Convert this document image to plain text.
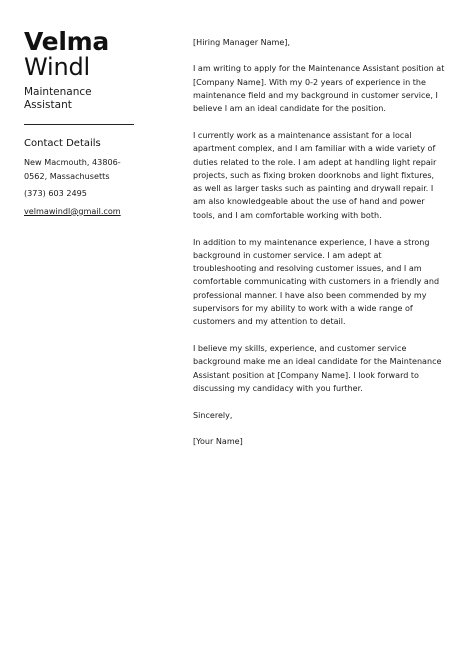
Velma
Windl
Maintenance
Assistant
Contact Details
New Macmouth, 43806-
0562, Massachusetts
(373) 603 2495
velmawindl@gmail.com

[Hiring Manager Name],

I am writing to apply for the Maintenance Assistant position at [Company Name]. With my 0-2 years of experience in the maintenance field and my background in customer service, I believe I am an ideal candidate for the position.

I currently work as a maintenance assistant for a local apartment complex, and I am familiar with a wide variety of duties related to the role. I am adept at handling light repair projects, such as fixing broken doorknobs and light fixtures, as well as larger tasks such as painting and drywall repair. I am also knowledgeable about the use of hand and power tools, and I am comfortable working with both.

In addition to my maintenance experience, I have a strong background in customer service. I am adept at troubleshooting and resolving customer issues, and I am comfortable communicating with customers in a friendly and professional manner. I have also been commended by my supervisors for my ability to work with a wide range of customers and my attention to detail.

I believe my skills, experience, and customer service background make me an ideal candidate for the Maintenance Assistant position at [Company Name]. I look forward to discussing my candidacy with you further.

Sincerely,

[Your Name]
